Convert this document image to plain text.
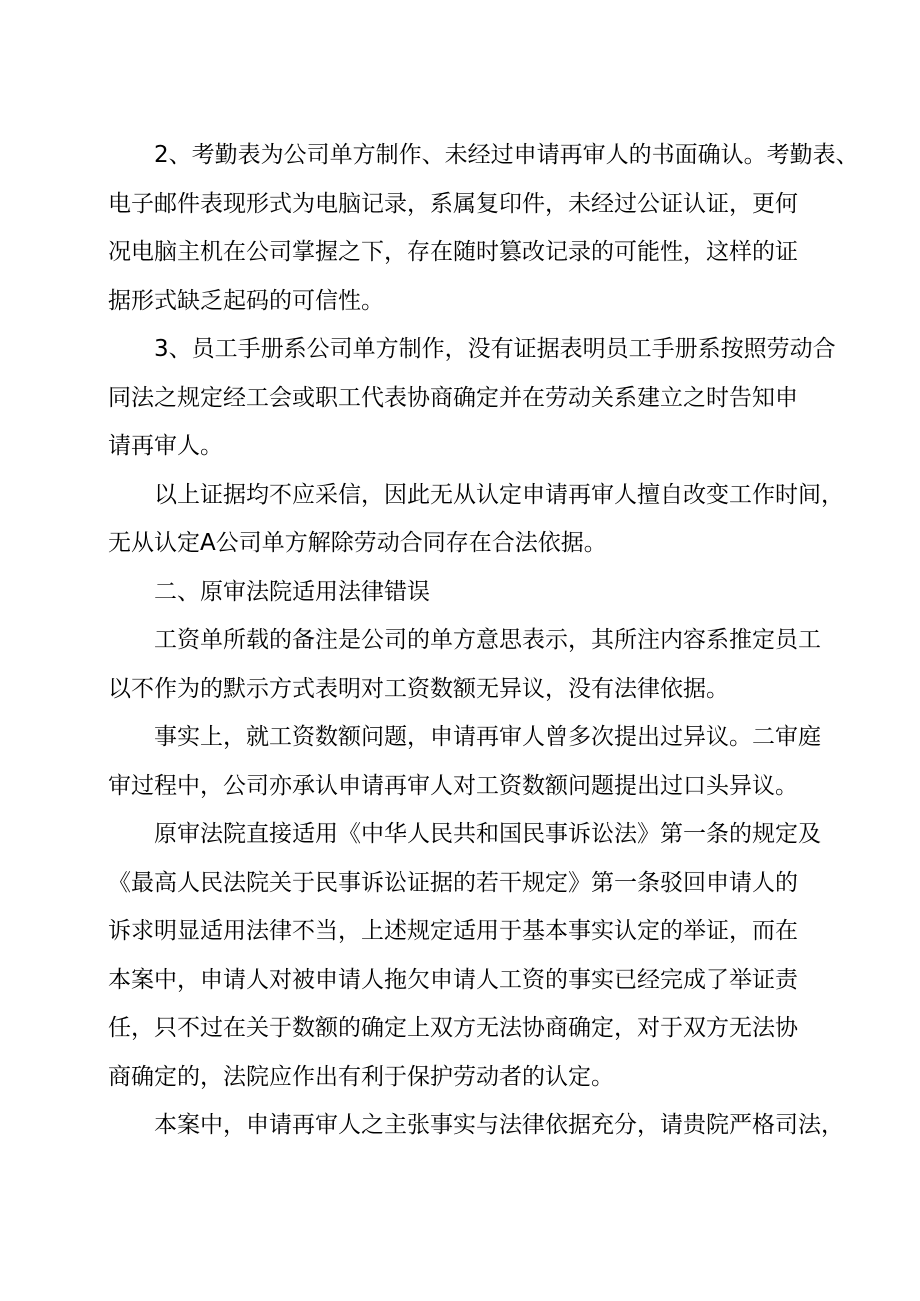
2、考勤表为公司单方制作、未经过申请再审人的书面确认。考勤表、
电子邮件表现形式为电脑记录，系属复印件，未经过公证认证，更何
况电脑主机在公司掌握之下，存在随时篡改记录的可能性，这样的证
据形式缺乏起码的可信性。
3、员工手册系公司单方制作，没有证据表明员工手册系按照劳动合
同法之规定经工会或职工代表协商确定并在劳动关系建立之时告知申
请再审人。
以上证据均不应采信，因此无从认定申请再审人擅自改变工作时间，
无从认定A公司单方解除劳动合同存在合法依据。
二、原审法院适用法律错误
工资单所载的备注是公司的单方意思表示，其所注内容系推定员工
以不作为的默示方式表明对工资数额无异议，没有法律依据。
事实上，就工资数额问题，申请再审人曾多次提出过异议。二审庭
审过程中，公司亦承认申请再审人对工资数额问题提出过口头异议。
原审法院直接适用《中华人民共和国民事诉讼法》第一条的规定及
《最高人民法院关于民事诉讼证据的若干规定》第一条驳回申请人的
诉求明显适用法律不当，上述规定适用于基本事实认定的举证，而在
本案中，申请人对被申请人拖欠申请人工资的事实已经完成了举证责
任，只不过在关于数额的确定上双方无法协商确定，对于双方无法协
商确定的，法院应作出有利于保护劳动者的认定。
本案中，申请再审人之主张事实与法律依据充分，请贵院严格司法，
